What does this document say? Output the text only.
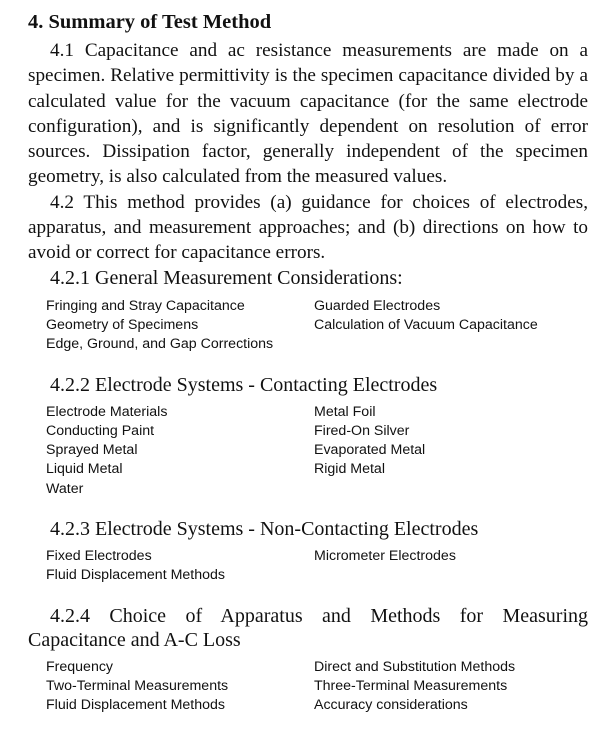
4. Summary of Test Method

4.1 Capacitance and ac resistance measurements are made on a specimen. Relative permittivity is the specimen capacitance divided by a calculated value for the vacuum capacitance (for the same electrode configuration), and is significantly dependent on resolution of error sources. Dissipation factor, generally independent of the specimen geometry, is also calculated from the measured values.

4.2 This method provides (a) guidance for choices of electrodes, apparatus, and measurement approaches; and (b) directions on how to avoid or correct for capacitance errors.

4.2.1 General Measurement Considerations:
Fringing and Stray Capacitance	Guarded Electrodes
Geometry of Specimens	Calculation of Vacuum Capacitance
Edge, Ground, and Gap Corrections
4.2.2 Electrode Systems - Contacting Electrodes
Electrode Materials	Metal Foil
Conducting Paint	Fired-On Silver
Sprayed Metal	Evaporated Metal
Liquid Metal	Rigid Metal
Water
4.2.3 Electrode Systems - Non-Contacting Electrodes
Fixed Electrodes	Micrometer Electrodes
Fluid Displacement Methods
4.2.4 Choice of Apparatus and Methods for Measuring Capacitance and A-C Loss
Frequency	Direct and Substitution Methods
Two-Terminal Measurements	Three-Terminal Measurements
Fluid Displacement Methods	Accuracy considerations
